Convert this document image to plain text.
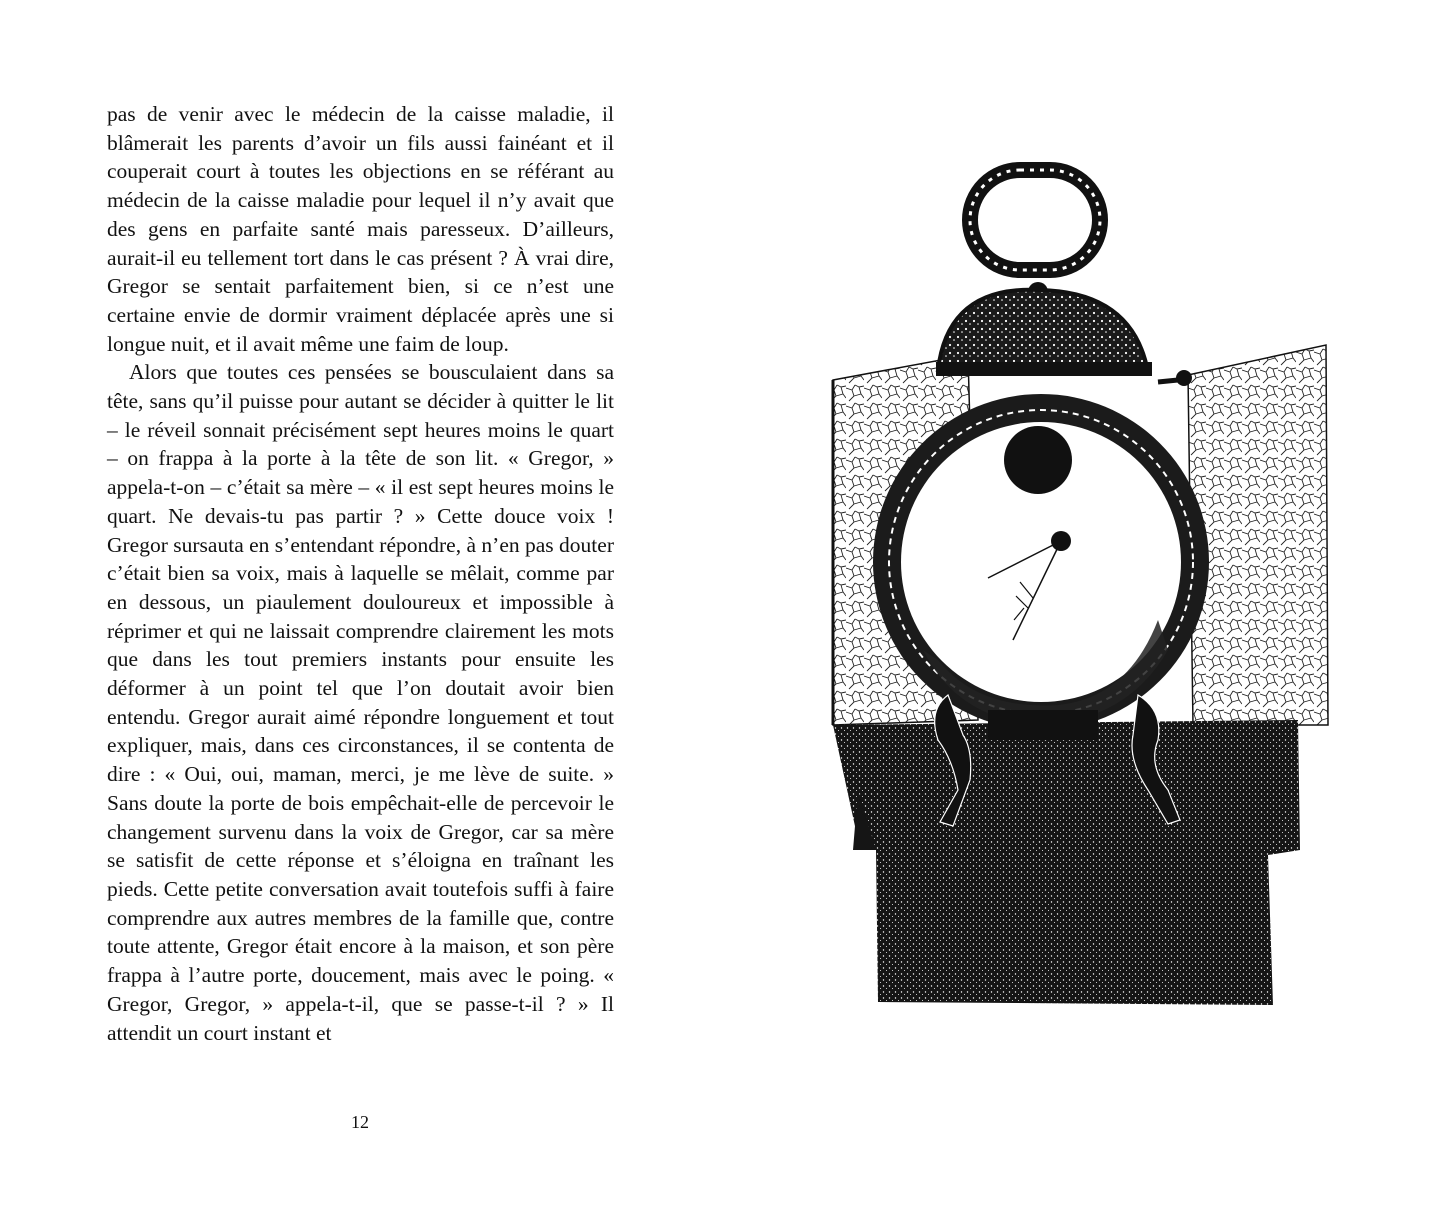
pas de venir avec le médecin de la caisse maladie, il blâmerait les parents d’avoir un fils aussi fainéant et il couperait court à toutes les objections en se référant au médecin de la caisse maladie pour lequel il n’y avait que des gens en parfaite santé mais paresseux. D’ailleurs, aurait-il eu tellement tort dans le cas présent ? À vrai dire, Gregor se sentait parfaitement bien, si ce n’est une certaine envie de dormir vraiment déplacée après une si longue nuit, et il avait même une faim de loup.

Alors que toutes ces pensées se bousculaient dans sa tête, sans qu’il puisse pour autant se décider à quitter le lit – le réveil sonnait précisément sept heures moins le quart – on frappa à la porte à la tête de son lit. « Gregor, » appela-t-on – c’était sa mère – « il est sept heures moins le quart. Ne devais-tu pas partir ? » Cette douce voix ! Gregor sursauta en s’entendant répondre, à n’en pas douter c’était bien sa voix, mais à laquelle se mêlait, comme par en dessous, un piaulement douloureux et impossible à réprimer et qui ne laissait comprendre clairement les mots que dans les tout premiers instants pour ensuite les déformer à un point tel que l’on doutait avoir bien entendu. Gregor aurait aimé répondre longuement et tout expliquer, mais, dans ces circonstances, il se contenta de dire : « Oui, oui, maman, merci, je me lève de suite. » Sans doute la porte de bois empêchait-elle de percevoir le changement survenu dans la voix de Gregor, car sa mère se satisfit de cette réponse et s’éloigna en traînant les pieds. Cette petite conversation avait toutefois suffi à faire comprendre aux autres membres de la famille que, contre toute attente, Gregor était encore à la maison, et son père frappa à l’autre porte, doucement, mais avec le poing. « Gregor, Gregor, » appela-t-il, que se passe-t-il ? » Il attendit un court instant et

12
